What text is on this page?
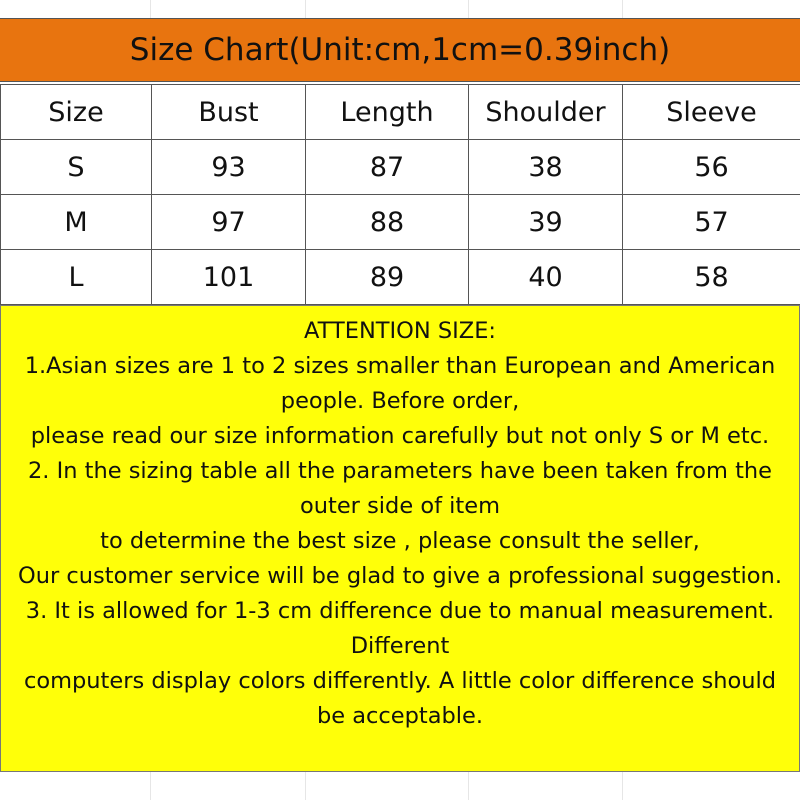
Size Chart(Unit:cm,1cm=0.39inch)
Size	Bust	Length	Shoulder	Sleeve
S	93	87	38	56
M	97	88	39	57
L	101	89	40	58
ATTENTION SIZE:
1.Asian sizes are 1 to 2 sizes smaller than European and American
people. Before order,
please read our size information carefully but not only S or M etc.
2. In the sizing table all the parameters have been taken from the
outer side of item
to determine the best size , please consult the seller,
Our customer service will be glad to give a professional suggestion.
3. It is allowed for 1-3 cm difference due to manual measurement.
Different
computers display colors differently. A little color difference should
be acceptable.
